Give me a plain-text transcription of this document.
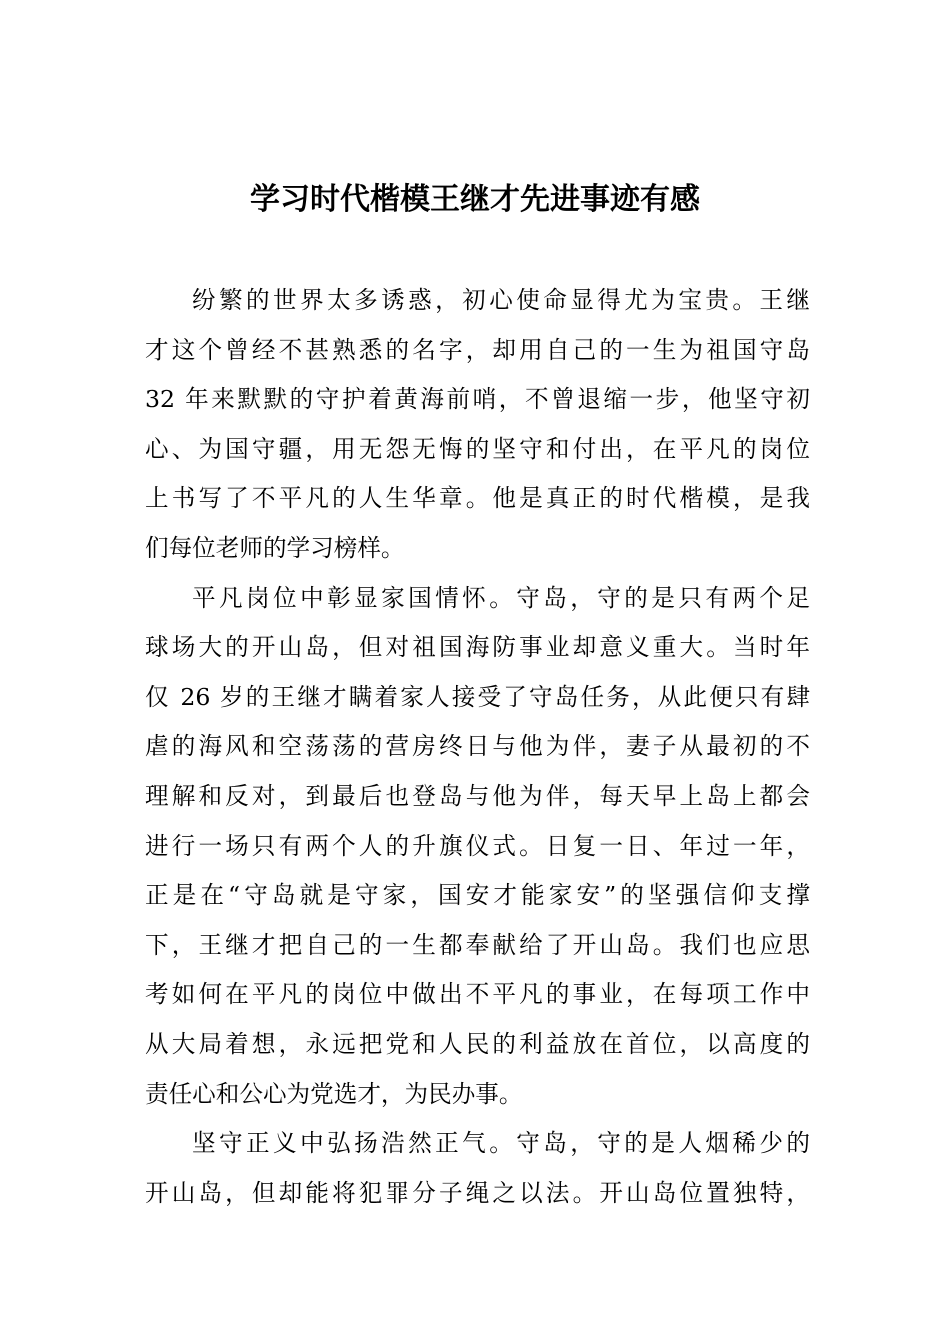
学习时代楷模王继才先进事迹有感
纷繁的世界太多诱惑，初心使命显得尤为宝贵。王继
才这个曾经不甚熟悉的名字，却用自己的一生为祖国守岛
32 年来默默的守护着黄海前哨，不曾退缩一步，他坚守初
心、为国守疆，用无怨无悔的坚守和付出，在平凡的岗位
上书写了不平凡的人生华章。他是真正的时代楷模，是我
们每位老师的学习榜样。
平凡岗位中彰显家国情怀。守岛，守的是只有两个足
球场大的开山岛，但对祖国海防事业却意义重大。当时年
仅 26 岁的王继才瞒着家人接受了守岛任务，从此便只有肆
虐的海风和空荡荡的营房终日与他为伴，妻子从最初的不
理解和反对，到最后也登岛与他为伴，每天早上岛上都会
进行一场只有两个人的升旗仪式。日复一日、年过一年，
正是在“守岛就是守家，国安才能家安”的坚强信仰支撑
下，王继才把自己的一生都奉献给了开山岛。我们也应思
考如何在平凡的岗位中做出不平凡的事业，在每项工作中
从大局着想，永远把党和人民的利益放在首位，以高度的
责任心和公心为党选才，为民办事。
坚守正义中弘扬浩然正气。守岛，守的是人烟稀少的
开山岛，但却能将犯罪分子绳之以法。开山岛位置独特，
